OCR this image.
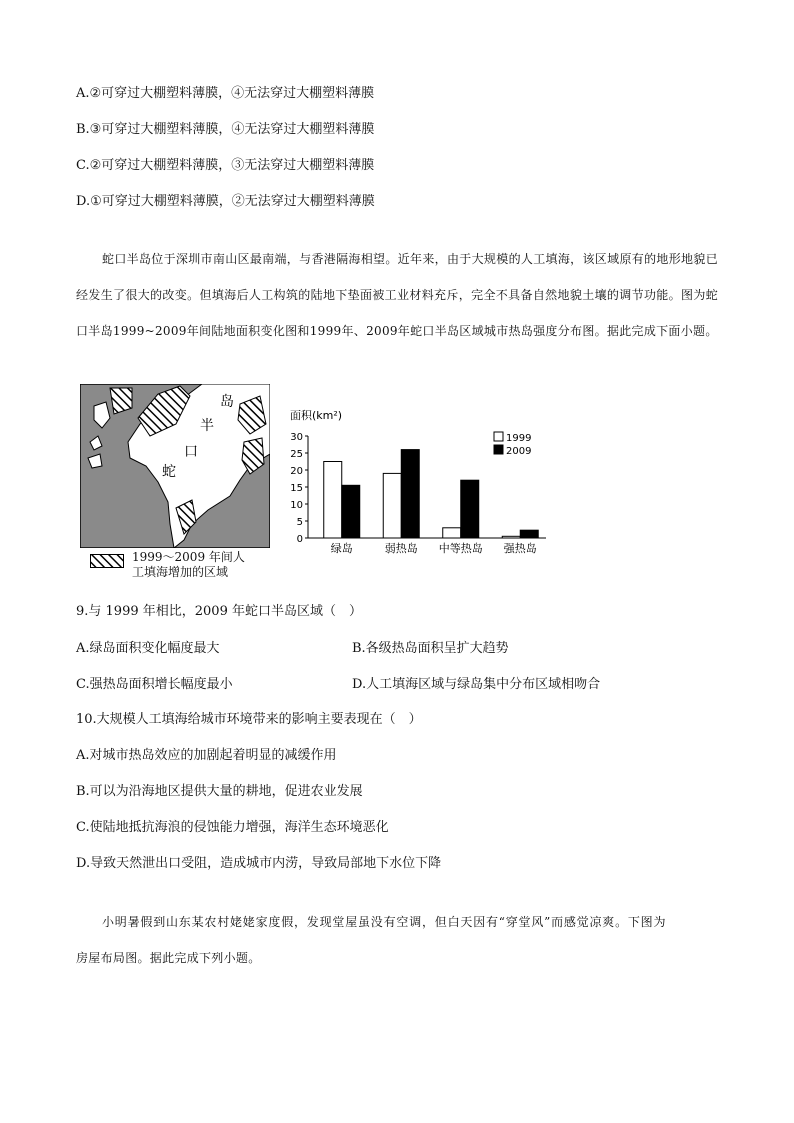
A.②可穿过大棚塑料薄膜，④无法穿过大棚塑料薄膜
B.③可穿过大棚塑料薄膜，④无法穿过大棚塑料薄膜
C.②可穿过大棚塑料薄膜，③无法穿过大棚塑料薄膜
D.①可穿过大棚塑料薄膜，②无法穿过大棚塑料薄膜

蛇口半岛位于深圳市南山区最南端，与香港隔海相望。近年来，由于大规模的人工填海，该区域原有的地形地貌已经发生了很大的改变。但填海后人工构筑的陆地下垫面被工业材料充斥，完全不具备自然地貌土壤的调节功能。图为蛇口半岛1999~2009年间陆地面积变化图和1999年、2009年蛇口半岛区域城市热岛强度分布图。据此完成下面小题。

岛
半
口
蛇
1999～2009 年间人
工填海增加的区域
面积(km²)
0
5
10
15
20
25
30
绿岛	弱热岛 中等热岛 强热岛
1999
2009
9.与 1999 年相比，2009 年蛇口半岛区域（　）
A.绿岛面积变化幅度最大	B.各级热岛面积呈扩大趋势
C.强热岛面积增长幅度最小	D.人工填海区域与绿岛集中分布区域相吻合
10.大规模人工填海给城市环境带来的影响主要表现在（　）
A.对城市热岛效应的加剧起着明显的减缓作用
B.可以为沿海地区提供大量的耕地，促进农业发展
C.使陆地抵抗海浪的侵蚀能力增强，海洋生态环境恶化
D.导致天然泄出口受阻，造成城市内涝，导致局部地下水位下降

小明暑假到山东某农村姥姥家度假，发现堂屋虽没有空调，但白天因有“穿堂风”而感觉凉爽。下图为

房屋布局图。据此完成下列小题。
